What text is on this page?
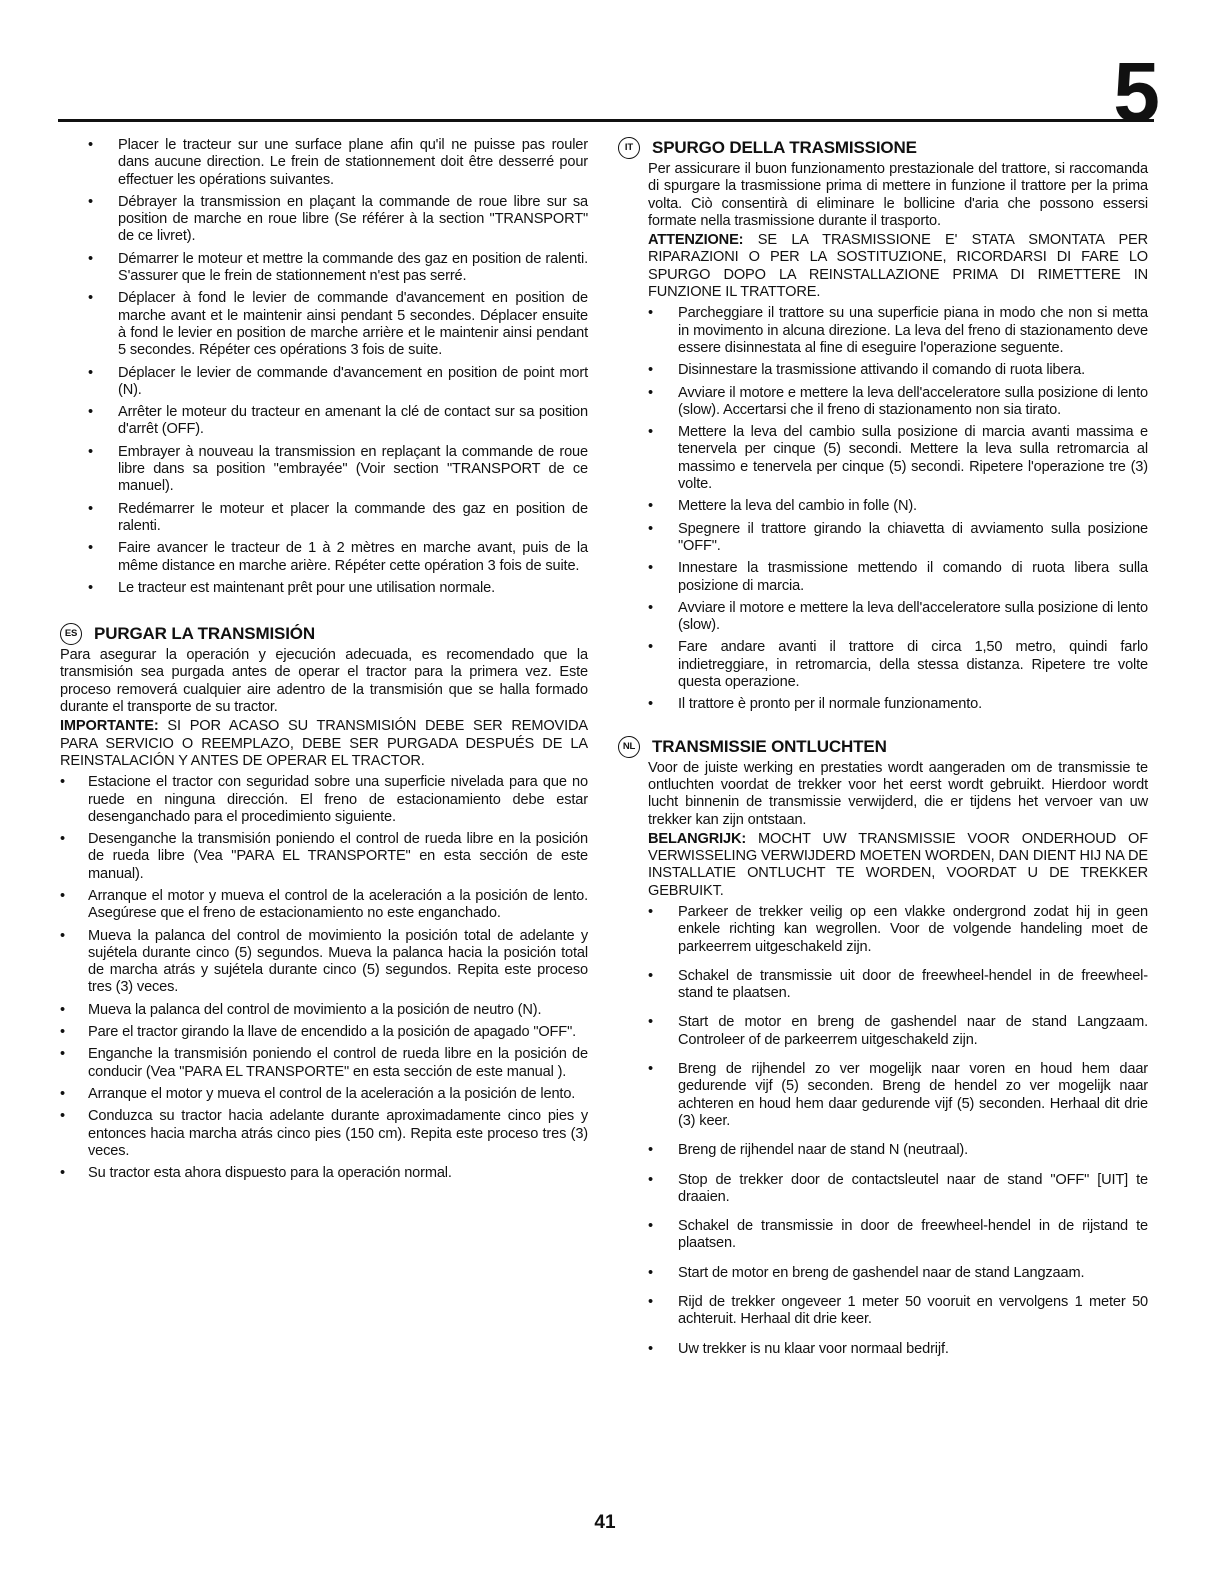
5
• Placer le tracteur sur une surface plane afin qu'il ne puisse pas rouler dans aucune direction. Le frein de stationnement doit être desserré pour effectuer les opérations suivantes.
• Débrayer la transmission en plaçant la commande de roue libre sur sa position de marche en roue libre (Se référer à la section "TRANSPORT" de ce livret).
• Démarrer le moteur et mettre la commande des gaz en position de ralenti. S'assurer que le frein de stationnement n'est pas serré.
• Déplacer à fond le levier de commande d'avancement en position de marche avant et le maintenir ainsi pendant 5 secondes. Déplacer ensuite à fond le levier en position de marche arrière et le maintenir ainsi pendant 5 secondes. Répéter ces opérations 3 fois de suite.
• Déplacer le levier de commande d'avancement en position de point mort (N).
• Arrêter le moteur du tracteur en amenant la clé de contact sur sa position d'arrêt (OFF).
• Embrayer à nouveau la transmission en replaçant la commande de roue libre dans sa position "embrayée" (Voir section "TRANSPORT de ce manuel).
• Redémarrer le moteur et placer la commande des gaz en position de ralenti.
• Faire avancer le tracteur de 1 à 2 mètres en marche avant, puis de la même distance en marche arière. Répéter cette opération 3 fois de suite.
• Le tracteur est maintenant prêt pour une utilisation normale.
ES PURGAR LA TRANSMISIÓN

Para asegurar la operación y ejecución adecuada, es recomendado que la transmisión sea purgada antes de operar el tractor para la primera vez. Este proceso removerá cualquier aire adentro de la transmisión que se halla formado durante el transporte de su tractor.

IMPORTANTE: SI POR ACASO SU TRANSMISIÓN DEBE SER REMOVIDA PARA SERVICIO O REEMPLAZO, DEBE SER PURGADA DESPUÉS DE LA REINSTALACIÓN Y ANTES DE OPERAR EL TRACTOR.

• Estacione el tractor con seguridad sobre una superficie nivelada para que no ruede en ninguna dirección. El freno de estacionamiento debe estar desenganchado para el procedimiento siguiente.
• Desenganche la transmisión poniendo el control de rueda libre en la posición de rueda libre (Vea "PARA EL TRANSPORTE" en esta sección de este manual).
• Arranque el motor y mueva el control de la aceleración a la posición de lento. Asegúrese que el freno de estacionamiento no este enganchado.
• Mueva la palanca del control de movimiento la posición total de adelante y sujétela durante cinco (5) segundos. Mueva la palanca hacia la posición total de marcha atrás y sujétela durante cinco (5) segundos. Repita este proceso tres (3) veces.
• Mueva la palanca del control de movimiento a la posición de neutro (N).
• Pare el tractor girando la llave de encendido a la posición de apagado "OFF".
• Enganche la transmisión poniendo el control de rueda libre en la posición de conducir (Vea "PARA EL TRANSPORTE" en esta sección de este manual ).
• Arranque el motor y mueva el control de la aceleración a la posición de lento.
• Conduzca su tractor hacia adelante durante aproximadamente cinco pies y entonces hacia marcha atrás cinco pies (150 cm). Repita este proceso tres (3) veces.
• Su tractor esta ahora dispuesto para la operación normal.
IT	SPURGO DELLA TRASMISSIONE

Per assicurare il buon funzionamento prestazionale del trattore, si raccomanda di spurgare la trasmissione prima di mettere in funzione il trattore per la prima volta. Ciò consentirà di eliminare le bollicine d'aria che possono essersi formate nella trasmissione durante il trasporto.

ATTENZIONE: SE LA TRASMISSIONE E' STATA SMONTATA PER RIPARAZIONI O PER LA SOSTITUZIONE, RICORDARSI DI FARE LO SPURGO DOPO LA REINSTALLAZIONE PRIMA DI RIMETTERE IN FUNZIONE IL TRATTORE.

• Parcheggiare il trattore su una superficie piana in modo che non si metta in movimento in alcuna direzione. La leva del freno di stazionamento deve essere disinnestata al fine di eseguire l'operazione seguente.
• Disinnestare la trasmissione attivando il comando di ruota libera.
• Avviare il motore e mettere la leva dell'acceleratore sulla posizione di lento (slow). Accertarsi che il freno di stazionamento non sia tirato.
• Mettere la leva del cambio sulla posizione di marcia avanti massima e tenervela per cinque (5) secondi. Mettere la leva sulla retromarcia al massimo e tenervela per cinque (5) secondi. Ripetere l'operazione tre (3) volte.
• Mettere la leva del cambio in folle (N).
• Spegnere il trattore girando la chiavetta di avviamento sulla posizione "OFF".
• Innestare la trasmissione mettendo il comando di ruota libera sulla posizione di marcia.
• Avviare il motore e mettere la leva dell'acceleratore sulla posizione di lento (slow).
• Fare andare avanti il trattore di circa 1,50 metro, quindi farlo indietreggiare, in retromarcia, della stessa distanza. Ripetere tre volte questa operazione.
• Il trattore è pronto per il normale funzionamento.
NL TRANSMISSIE ONTLUCHTEN

Voor de juiste werking en prestaties wordt aangeraden om de transmissie te ontluchten voordat de trekker voor het eerst wordt gebruikt. Hierdoor wordt lucht binnenin de transmissie verwijderd, die er tijdens het vervoer van uw trekker kan zijn ontstaan.

BELANGRIJK: MOCHT UW TRANSMISSIE VOOR ONDERHOUD OF VERWISSELING VERWIJDERD MOETEN WORDEN, DAN DIENT HIJ NA DE INSTALLATIE ONTLUCHT TE WORDEN, VOORDAT U DE TREKKER GEBRUIKT.

• Parkeer de trekker veilig op een vlakke ondergrond zodat hij in geen enkele richting kan wegrollen. Voor de volgende handeling moet de parkeerrem uitgeschakeld zijn.
• Schakel de transmissie uit door de freewheel-hendel in de freewheel-stand te plaatsen.
• Start de motor en breng de gashendel naar de stand Langzaam. Controleer of de parkeerrem uitgeschakeld zijn.
• Breng de rijhendel zo ver mogelijk naar voren en houd hem daar gedurende vijf (5) seconden. Breng de hendel zo ver mogelijk naar achteren en houd hem daar gedurende vijf (5) seconden. Herhaal dit drie (3) keer.
• Breng de rijhendel naar de stand N (neutraal).
• Stop de trekker door de contactsleutel naar de stand "OFF" [UIT] te draaien.
• Schakel de transmissie in door de freewheel-hendel in de rijstand te plaatsen.
• Start de motor en breng de gashendel naar de stand Langzaam.
• Rijd de trekker ongeveer 1 meter 50 vooruit en vervolgens 1 meter 50 achteruit. Herhaal dit drie keer.
• Uw trekker is nu klaar voor normaal bedrijf.
41
